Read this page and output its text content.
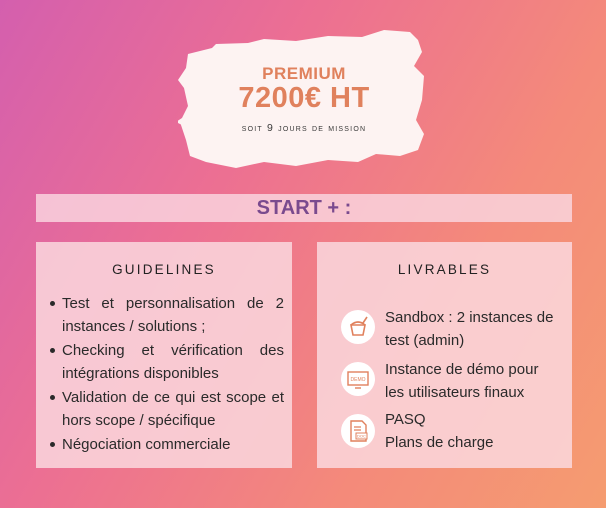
PREMIUM
7200€ HT
soit 9 jours de mission
START + :
GUIDELINES
Test et personnalisation de 2 instances / solutions ;
Checking et vérification des intégrations disponibles
Validation de ce qui est scope et hors scope / spécifique
Négociation commerciale
LIVRABLES
Sandbox : 2 instances de
test (admin)
DEMO
Instance de démo pour
les utilisateurs finaux
DOC
PASQ
Plans de charge
